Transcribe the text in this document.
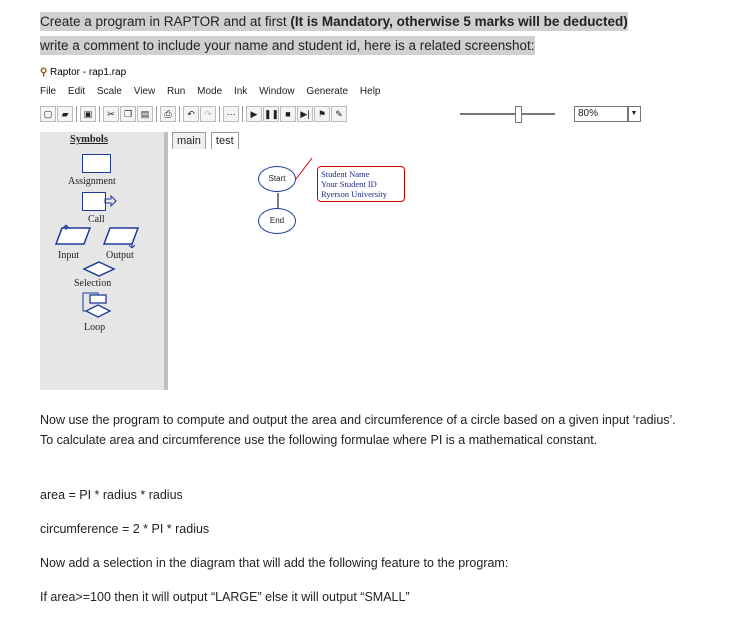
Create a program in RAPTOR and at first (It is Mandatory, otherwise 5 marks will be deducted)
write a comment to include your name and student id, here is a related screenshot:
⚲ Raptor - rap1.rap
File Edit Scale View Run Mode Ink Window Generate Help
▢	▰	▣	✂	❐ ▤	⎙	↶	↷	⋯	▶ ❚❚ ■	▶| ⚑	✎	80%	▼
Symbols
Assignment
Call
Input	Output
Selection
Loop
main test
Start
End
Student Name
Your Student ID
Ryerson University
Now use the program to compute and output the area and circumference of a circle based on a given input ‘radius’. To calculate area and circumference use the following formulae where PI is a mathematical constant.
area = PI * radius * radius
circumference = 2 * PI * radius
Now add a selection in the diagram that will add the following feature to the program:
If area>=100 then it will output “LARGE” else it will output “SMALL”
